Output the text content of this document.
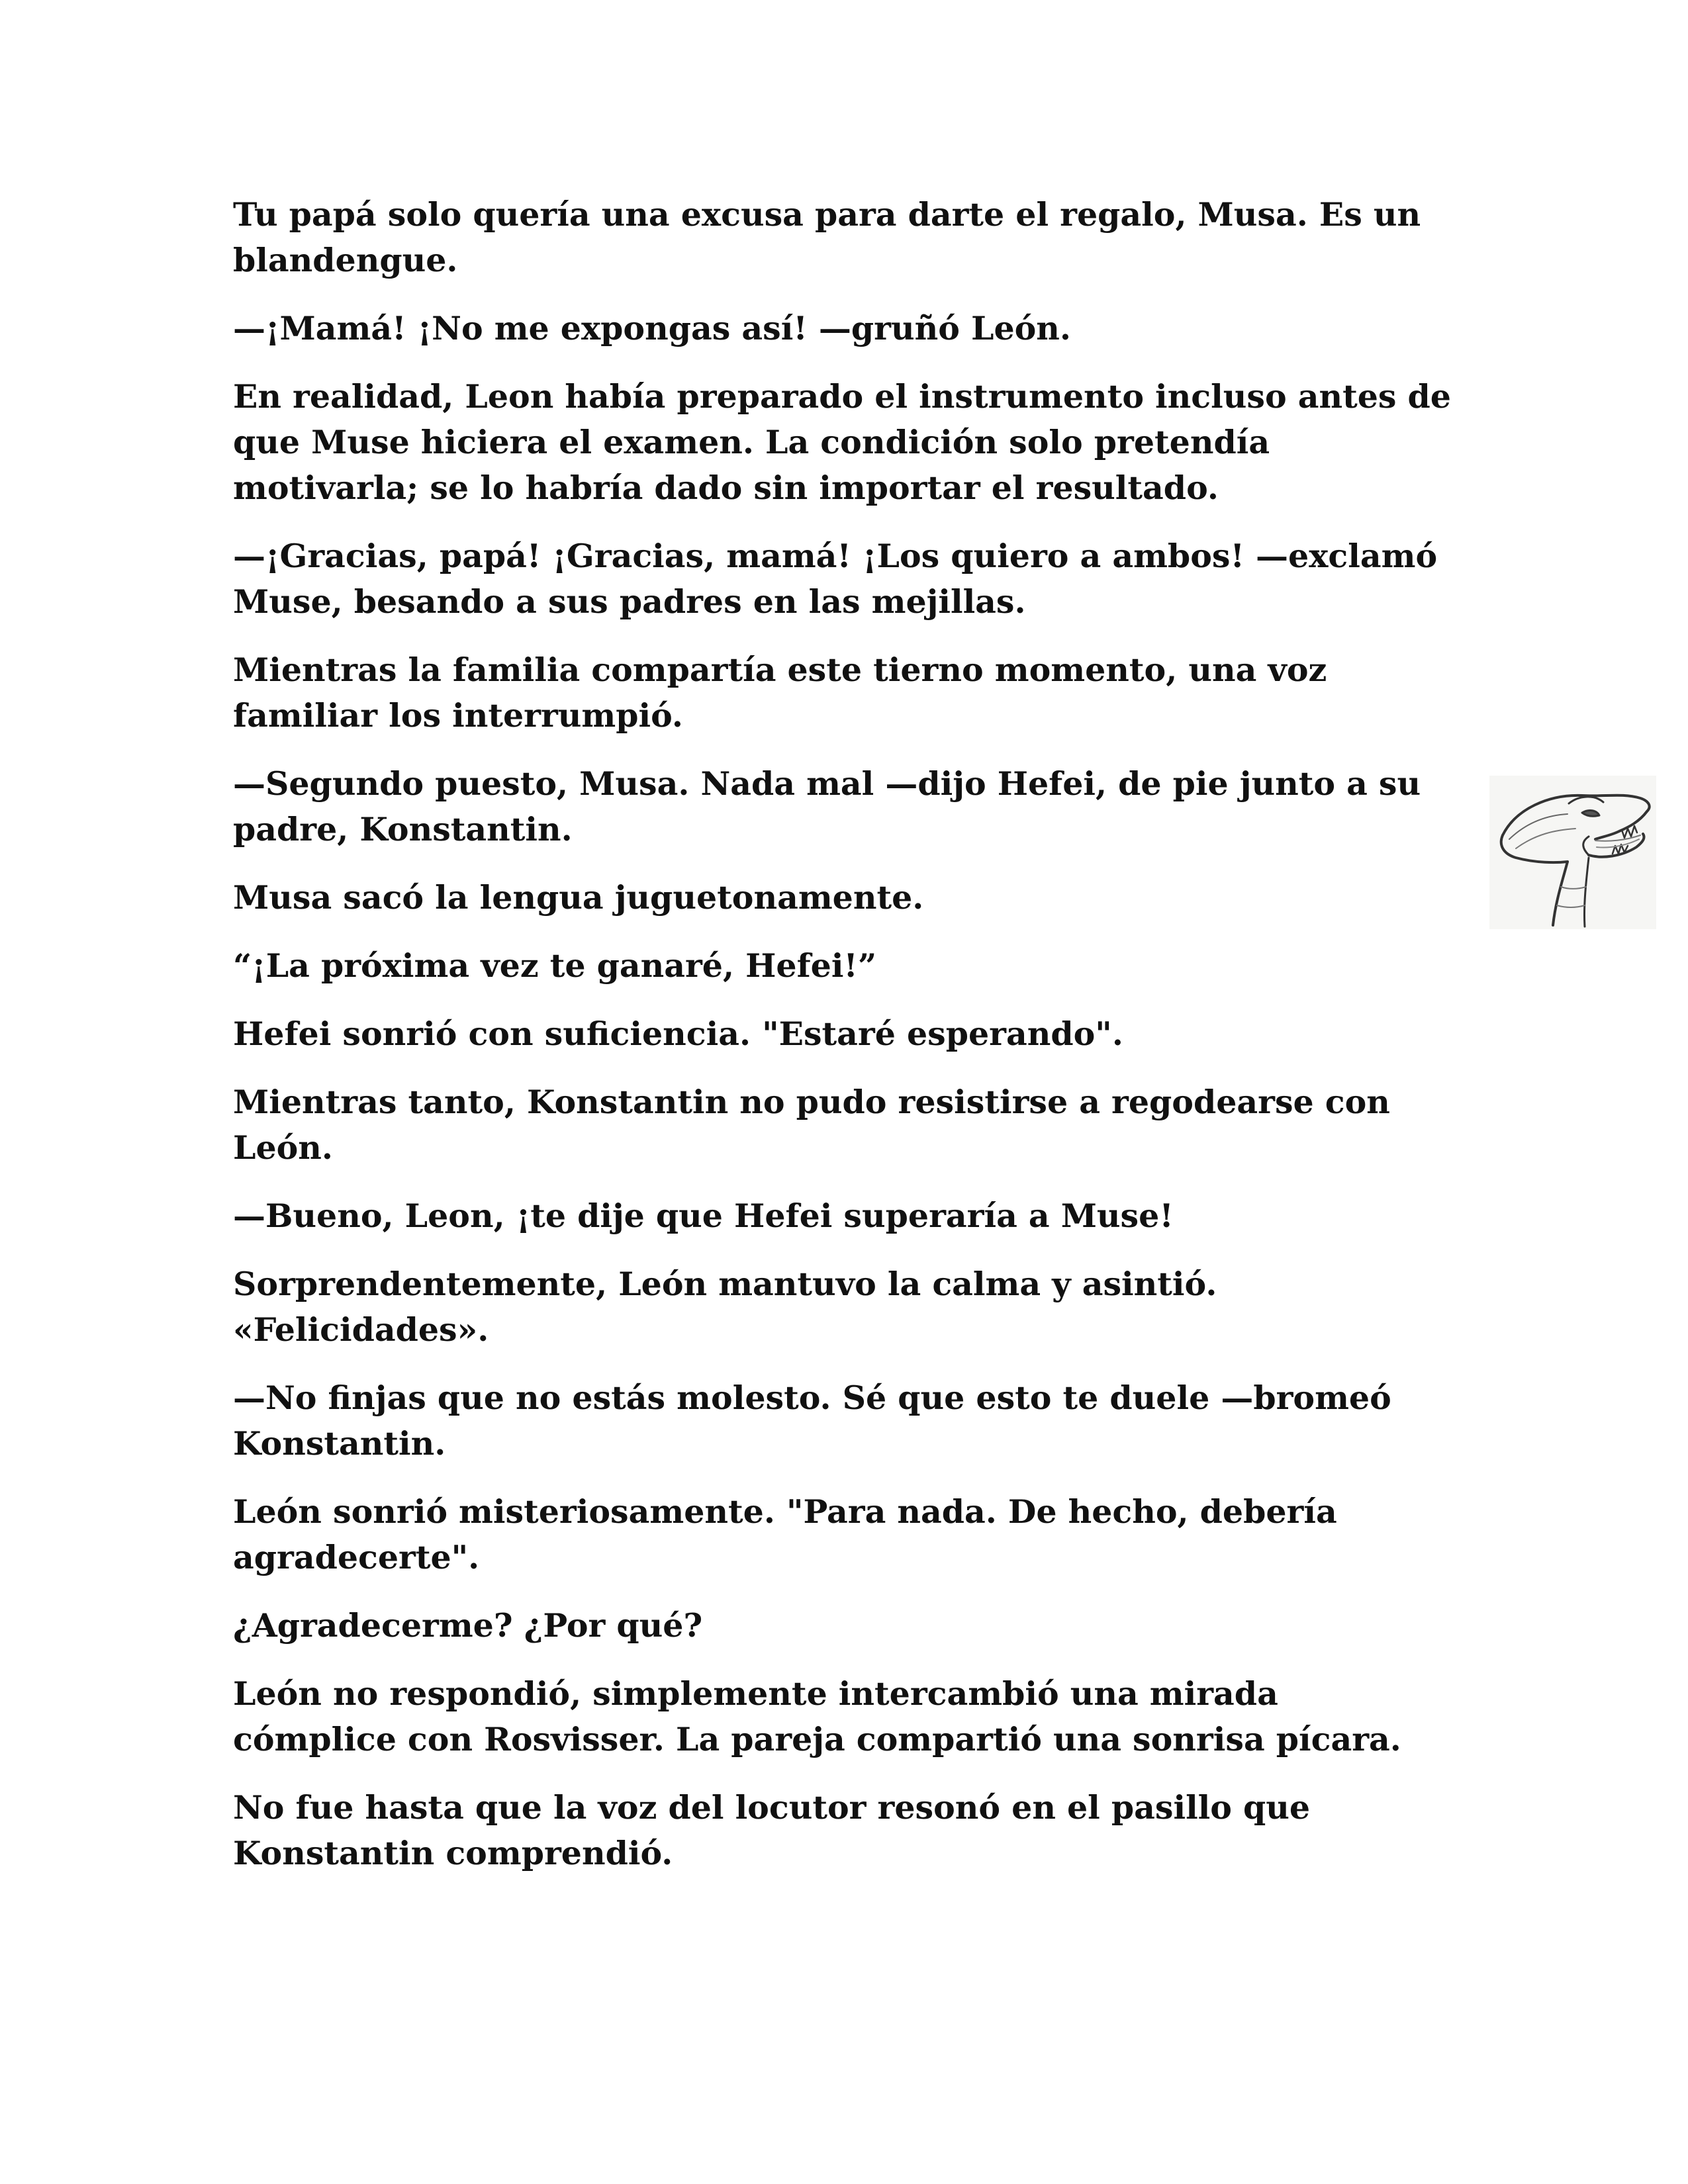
Tu papá solo quería una excusa para darte el regalo, Musa. Es un blandengue.

—¡Mamá! ¡No me expongas así! —gruñó León.

En realidad, Leon había preparado el instrumento incluso antes de que Muse hiciera el examen. La condición solo pretendía motivarla; se lo habría dado sin importar el resultado.

—¡Gracias, papá! ¡Gracias, mamá! ¡Los quiero a ambos! —exclamó Muse, besando a sus padres en las mejillas.

Mientras la familia compartía este tierno momento, una voz familiar los interrumpió.

—Segundo puesto, Musa. Nada mal —dijo Hefei, de pie junto a su padre, Konstantin.

Musa sacó la lengua juguetonamente.

“¡La próxima vez te ganaré, Hefei!”

Hefei sonrió con suficiencia. "Estaré esperando".

Mientras tanto, Konstantin no pudo resistirse a regodearse con León.

—Bueno, Leon, ¡te dije que Hefei superaría a Muse!

Sorprendentemente, León mantuvo la calma y asintió. «Felicidades».

—No finjas que no estás molesto. Sé que esto te duele —bromeó Konstantin.

León sonrió misteriosamente. "Para nada. De hecho, debería agradecerte".

¿Agradecerme? ¿Por qué?

León no respondió, simplemente intercambió una mirada cómplice con Rosvisser. La pareja compartió una sonrisa pícara.

No fue hasta que la voz del locutor resonó en el pasillo que Konstantin comprendió.
